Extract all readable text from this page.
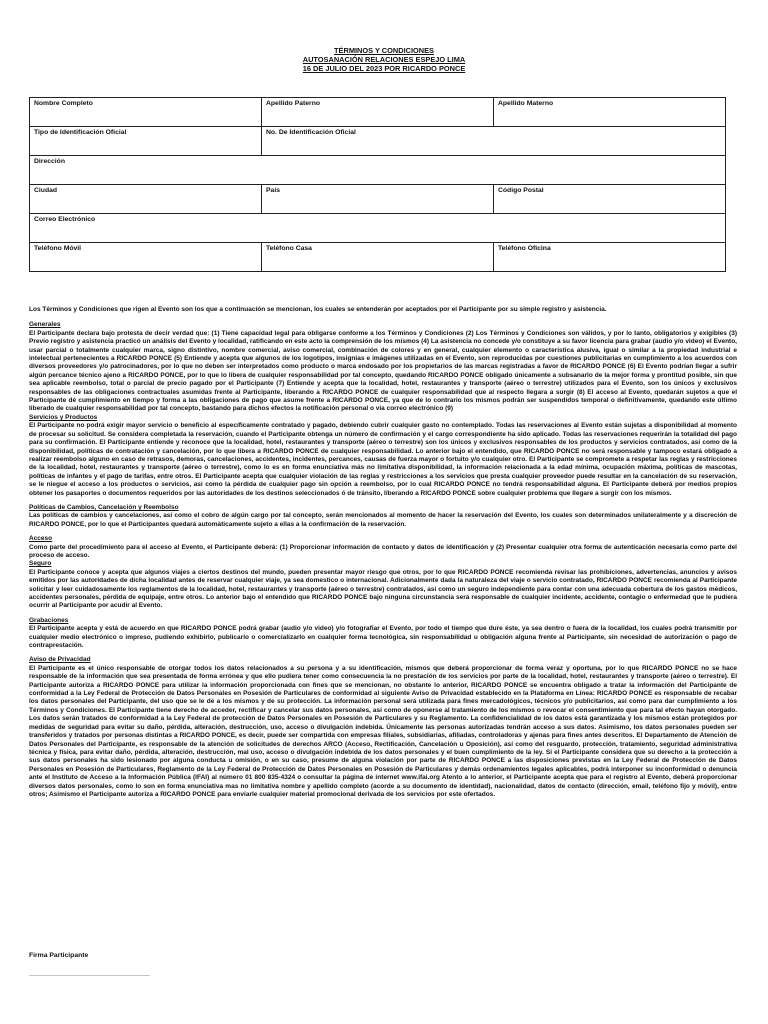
TÉRMINOS Y CONDICIONES
AUTOSANACIÓN RELACIONES ESPEJO LIMA
16 DE JULIO DEL 2023 POR RICARDO PONCE
Nombre Completo	Apellido Paterno	Apellido Materno
Tipo de Identificación Oficial	No. De Identificación Oficial	
Dirección		
Ciudad	País	Código Postal
Correo Electrónico		
Teléfono Móvil	Teléfono Casa	Teléfono Oficina

Los Términos y Condiciones que rigen al Evento son los que a continuación se mencionan, los cuales se entenderán por aceptados por el Participante por su simple registro y asistencia.

Generales

El Participante declara bajo protesta de decir verdad que: (1) Tiene capacidad legal para obligarse conforme a los Términos y Condiciones (2) Los Términos y Condiciones son válidos, y por lo tanto, obligatorios y exigibles (3) Previo registro y asistencia practicó un análisis del Evento y localidad, ratificando en este acto la comprensión de los mismos (4) La asistencia no concede y/o constituye a su favor licencia para grabar (audio y/o video) el Evento, usar parcial o totalmente cualquier marca, signo distintivo, nombre comercial, aviso comercial, combinación de colores y en general, cualquier elemento o característica alusiva, igual o similar a la propiedad industrial e intelectual pertenecientes a RICARDO PONCE (5) Entiende y acepta que algunos de los logotipos, insignias e imágenes utilizadas en el Evento, son reproducidas por cuestiones publicitarias en cumplimiento a los acuerdos con diversos proveedores y/o patrocinadores, por lo que no deben ser interpretados como producto o marca endosado por los propietarios de las marcas registradas a favor de RICARDO PONCE (6) El Evento podrían llegar a sufrir algún percance técnico ajeno a RICARDO PONCE, por lo que lo libera de cualquier responsabilidad por tal concepto, quedando RICARDO PONCE obligado únicamente a subsanarlo de la mejor forma y prontitud posible, sin que sea aplicable reembolso, total o parcial de precio pagado por el Participante (7) Entiende y acepta que la localidad, hotel, restaurantes y transporte (aéreo o terrestre) utilizados para el Evento, son los únicos y exclusivos responsables de las obligaciones contractuales asumidas frente al Participante, liberando a RICARDO PONCE de cualquier responsabilidad que al respecto llegara a surgir (8) El acceso al Evento, quedarán sujetos a que el Participante dé cumplimiento en tiempo y forma a las obligaciones de pago que asume frente a RICARDO PONCE, ya que de lo contrario los mismos podrán ser suspendidos temporal o definitivamente, quedando este último liberado de cualquier responsabilidad por tal concepto, bastando para dichos efectos la notificación personal o vía correo electrónico (9)

Servicios y Productos

El Participante no podrá exigir mayor servicio o beneficio al específicamente contratado y pagado, debiendo cubrir cualquier gasto no contemplado. Todas las reservaciones al Evento están sujetas a disponibilidad al momento de procesar su solicitud. Se considera completada la reservación, cuando el Participante obtenga un número de confirmación y el cargo correspondiente ha sido aplicado. Todas las reservaciones requerirán la totalidad del pago para su confirmación. El Participante entiende y reconoce que la localidad, hotel, restaurantes y transporte (aéreo o terrestre) son los únicos y exclusivos responsables de los productos y servicios contratados, así como de la disponibilidad, políticas de contratación y cancelación, por lo que libera a RICARDO PONCE de cualquier responsabilidad. Lo anterior bajo el entendido, que RICARDO PONCE no será responsable y tampoco estará obligado a realizar reembolso alguno en caso de retrasos, demoras, cancelaciones, accidentes, incidentes, percances, causas de fuerza mayor o fortuito y/o cualquier otro. El Participante se compromete a respetar las reglas y restricciones de la localidad, hotel, restaurantes y transporte (aéreo o terrestre), como lo es en forma enunciativa más no limitativa disponibilidad, la información relacionada a la edad mínima, ocupación máxima, políticas de mascotas, políticas de infantes y el pago de tarifas, entre otros. El Participante acepta que cualquier violación de las reglas y restricciones a los servicios que presta cualquier proveedor puede resultar en la cancelación de su reservación, se le niegue el acceso a los productos o servicios, así como la pérdida de cualquier pago sin opción a reembolso, por lo cual RICARDO PONCE no tendrá responsabilidad alguna. El Participante deberá por medios propios obtener los pasaportes o documentos requeridos por las autoridades de los destinos seleccionados ó de tránsito, liberando a RICARDO PONCE sobre cualquier problema que llegare a surgir con los mismos.

Políticas de Cambios, Cancelación y Reembolso

Las políticas de cambios y cancelaciones, así como el cobro de algún cargo por tal concepto, serán mencionados al momento de hacer la reservación del Evento, los cuales son determinados unilateralmente y a discreción de RICARDO PONCE, por lo que el Participantes quedará automáticamente sujeto a ellas a la confirmación de la reservación.

Acceso

Como parte del procedimiento para el acceso al Evento, el Participante deberá: (1) Proporcionar información de contacto y datos de identificación y (2) Presentar cualquier otra forma de autenticación necesaria como parte del proceso de acceso.

Seguro

El Participante conoce y acepta que algunos viajes a ciertos destinos del mundo, pueden presentar mayor riesgo que otros, por lo que RICARDO PONCE recomienda revisar las prohibiciones, advertencias, anuncios y avisos emitidos por las autoridades de dicha localidad antes de reservar cualquier viaje, ya sea domestico o internacional. Adicionalmente dada la naturaleza del viaje o servicio contratado, RICARDO PONCE recomienda al Participante solicitar y leer cuidadosamente los reglamentos de la localidad, hotel, restaurantes y transporte (aéreo o terrestre) contratados, así como un seguro independiente para contar con una adecuada cobertura de los gastos médicos, accidentes personales, pérdida de equipaje, entre otros. Lo anterior bajo el entendido que RICARDO PONCE bajo ninguna circunstancia será responsable de cualquier incidente, accidente, contagio o enfermedad que le pudiera ocurrir al Participante por acudir al Evento.

Grabaciones

El Participante acepta y está de acuerdo en que RICARDO PONCE podrá grabar (audio y/o video) y/o fotografiar el Evento, por todo el tiempo que dure éste, ya sea dentro o fuera de la localidad, los cuales podrá transmitir por cualquier medio electrónico o impreso, pudiendo exhibirlo, publicarlo o comercializarlo en cualquier forma tecnológica, sin responsabilidad u obligación alguna frente al Participante, sin necesidad de autorización o pago de contraprestación.

Aviso de Privacidad

El Participante es el único responsable de otorgar todos los datos relacionados a su persona y a su identificación, mismos que deberá proporcionar de forma veraz y oportuna, por lo que RICARDO PONCE no se hace responsable de la información que sea presentada de forma errónea y que ello pudiera tener como consecuencia la no prestación de los servicios por parte de la localidad, hotel, restaurantes y transporte (aéreo o terrestre). El Participante autoriza a RICARDO PONCE para utilizar la información proporcionada con fines que se mencionan, no obstante lo anterior, RICARDO PONCE se encuentra obligado a tratar la información del Participante de conformidad a la Ley Federal de Protección de Datos Personales en Posesión de Particulares de conformidad al siguiente Aviso de Privacidad establecido en la Plataforma en Línea: RICARDO PONCE es responsable de recabar los datos personales del Participante, del uso que se le dé a los mismos y de su protección. La información personal será utilizada para fines mercadológicos, técnicos y/o publicitarios, así como para dar cumplimiento a los Términos y Condiciones. El Participante tiene derecho de acceder, rectificar y cancelar sus datos personales, así como de oponerse al tratamiento de los mismos o revocar el consentimiento que para tal efecto hayan otorgado. Los datos serán tratados de conformidad a la Ley Federal de protección de Datos Personales en Posesión de Particulares y su Reglamento. La confidencialidad de los datos está garantizada y los mismos están protegidos por medidas de seguridad para evitar su daño, pérdida, alteración, destrucción, uso, acceso o divulgación indebida. Únicamente las personas autorizadas tendrán acceso a sus datos. Asimismo, los datos personales pueden ser transferidos y tratados por personas distintas a RICARDO PONCE, es decir, puede ser compartida con empresas filiales, subsidiarias, afiliadas, controladoras y ajenas para fines antes descritos. El Departamento de Atención de Datos Personales del Participante, es responsable de la atención de solicitudes de derechos ARCO (Acceso, Rectificación, Cancelación u Oposición), así como del resguardo, protección, tratamiento, seguridad administrativa técnica y física, para evitar daño, pérdida, alteración, destrucción, mal uso, acceso o divulgación indebida de los datos personales y el buen cumplimiento de la ley. Si el Participante considera que su derecho a la protección a sus datos personales ha sido lesionado por alguna conducta u omisión, o en su caso, presume de alguna violación por parte de RICARDO PONCE a las disposiciones previstas en la Ley Federal de Protección de Datos Personales en Posesión de Particulares, Reglamento de la Ley Federal de Protección de Datos Personales en Posesión de Particulares y demás ordenamientos legales aplicables, podrá interponer su inconformidad o denuncia ante el Instituto de Acceso a la Información Pública (IFAI) al número 01 800 835-4324 o consultar la página de internet www.ifai.org Atento a lo anterior, el Participante acepta que para el registro al Evento, deberá proporcionar diversos datos personales, como lo son en forma enunciativa mas no limitativa nombre y apellido completo (acorde a su documento de identidad), nacionalidad, datos de contacto (dirección, email, teléfono fijo y móvil), entre otros; Asimismo el Participante autoriza a RICARDO PONCE para enviarle cualquier material promocional derivada de los servicios por este ofertados.

Firma Participante
________________________________
